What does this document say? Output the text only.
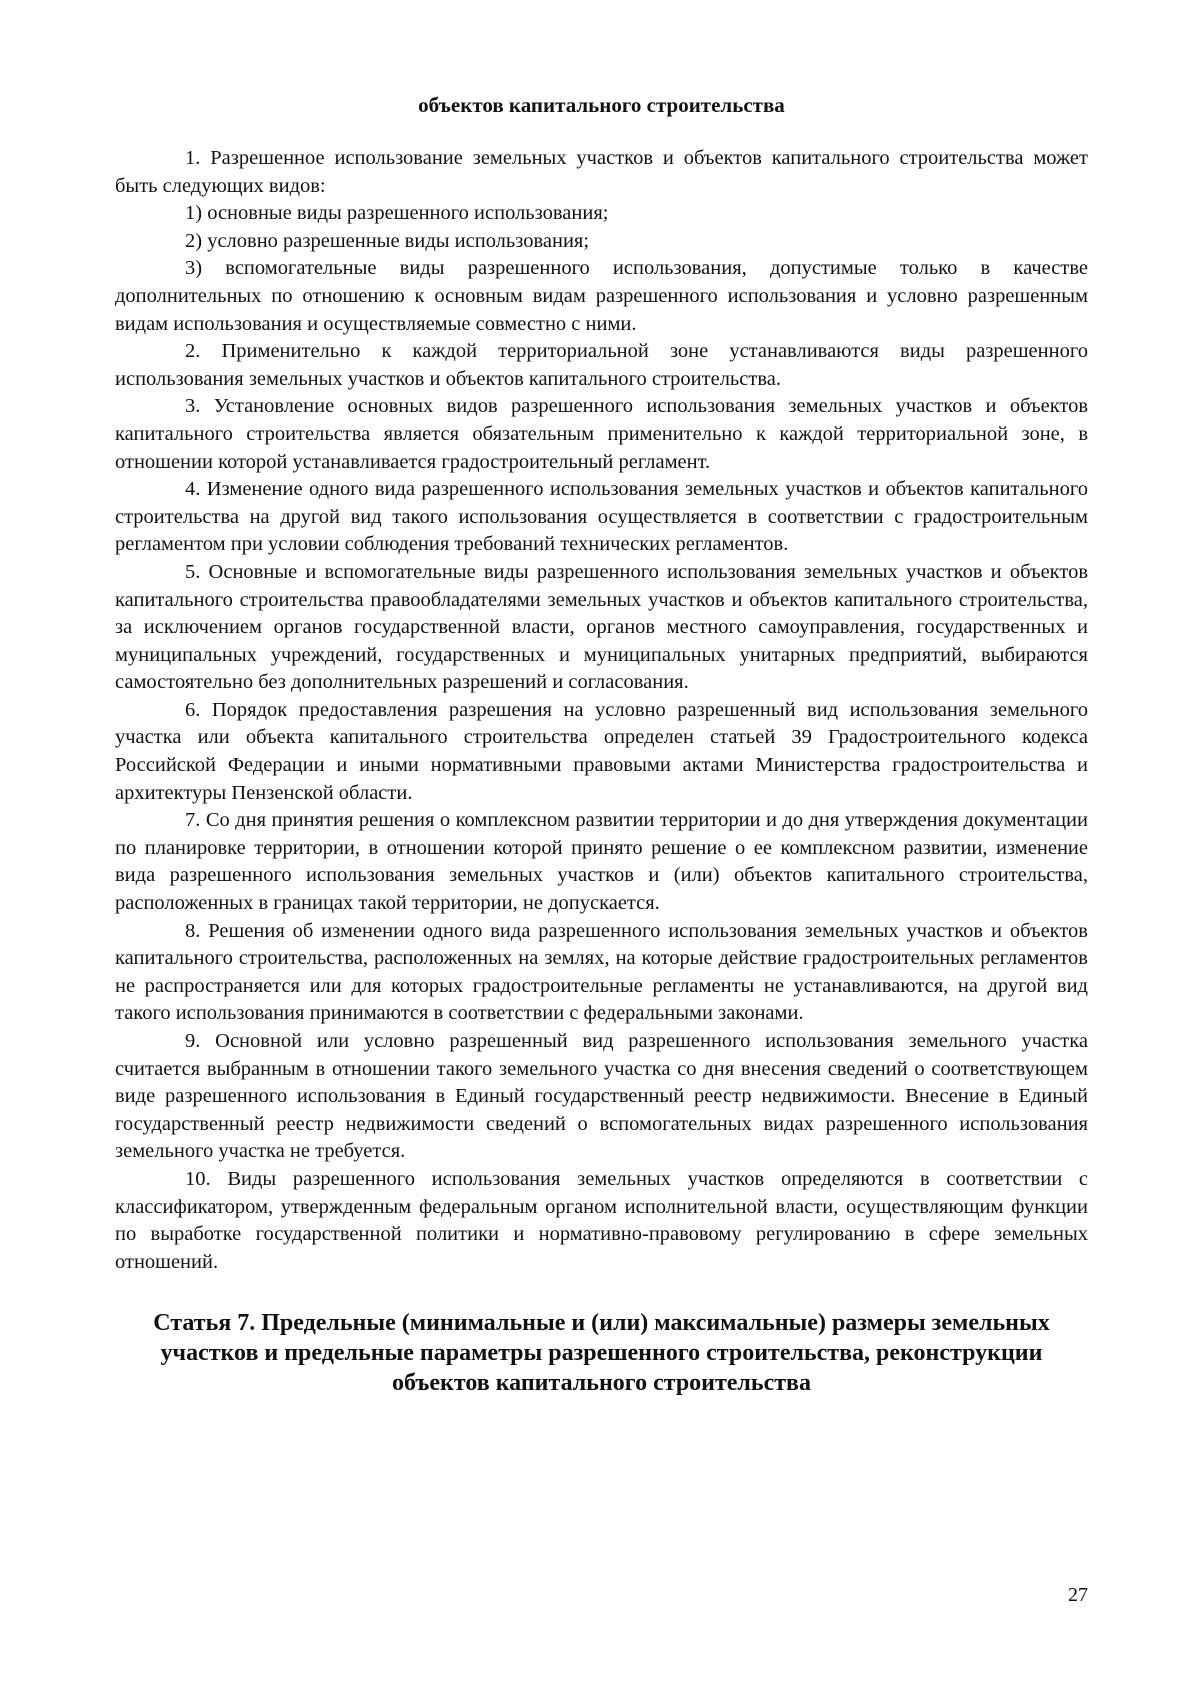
объектов капитального строительства

1. Разрешенное использование земельных участков и объектов капитального строительства может быть следующих видов:

1) основные виды разрешенного использования;

2) условно разрешенные виды использования;

3) вспомогательные виды разрешенного использования, допустимые только в качестве дополнительных по отношению к основным видам разрешенного использования и условно разрешенным видам использования и осуществляемые совместно с ними.

2. Применительно к каждой территориальной зоне устанавливаются виды разрешенного использования земельных участков и объектов капитального строительства.

3. Установление основных видов разрешенного использования земельных участков и объектов капитального строительства является обязательным применительно к каждой территориальной зоне, в отношении которой устанавливается градостроительный регламент.

4. Изменение одного вида разрешенного использования земельных участков и объектов капитального строительства на другой вид такого использования осуществляется в соответствии с градостроительным регламентом при условии соблюдения требований технических регламентов.

5. Основные и вспомогательные виды разрешенного использования земельных участков и объектов капитального строительства правообладателями земельных участков и объектов капитального строительства, за исключением органов государственной власти, органов местного самоуправления, государственных и муниципальных учреждений, государственных и муниципальных унитарных предприятий, выбираются самостоятельно без дополнительных разрешений и согласования.

6. Порядок предоставления разрешения на условно разрешенный вид использования земельного участка или объекта капитального строительства определен статьей 39 Градостроительного кодекса Российской Федерации и иными нормативными правовыми актами Министерства градостроительства и архитектуры Пензенской области.

7. Со дня принятия решения о комплексном развитии территории и до дня утверждения документации по планировке территории, в отношении которой принято решение о ее комплексном развитии, изменение вида разрешенного использования земельных участков и (или) объектов капитального строительства, расположенных в границах такой территории, не допускается.

8. Решения об изменении одного вида разрешенного использования земельных участков и объектов капитального строительства, расположенных на землях, на которые действие градостроительных регламентов не распространяется или для которых градостроительные регламенты не устанавливаются, на другой вид такого использования принимаются в соответствии с федеральными законами.

9. Основной или условно разрешенный вид разрешенного использования земельного участка считается выбранным в отношении такого земельного участка со дня внесения сведений о соответствующем виде разрешенного использования в Единый государственный реестр недвижимости. Внесение в Единый государственный реестр недвижимости сведений о вспомогательных видах разрешенного использования земельного участка не требуется.

10. Виды разрешенного использования земельных участков определяются в соответствии с классификатором, утвержденным федеральным органом исполнительной власти, осуществляющим функции по выработке государственной политики и нормативно-правовому регулированию в сфере земельных отношений.

Статья 7. Предельные (минимальные и (или) максимальные) размеры земельных участков и предельные параметры разрешенного строительства, реконструкции объектов капитального строительства
27
